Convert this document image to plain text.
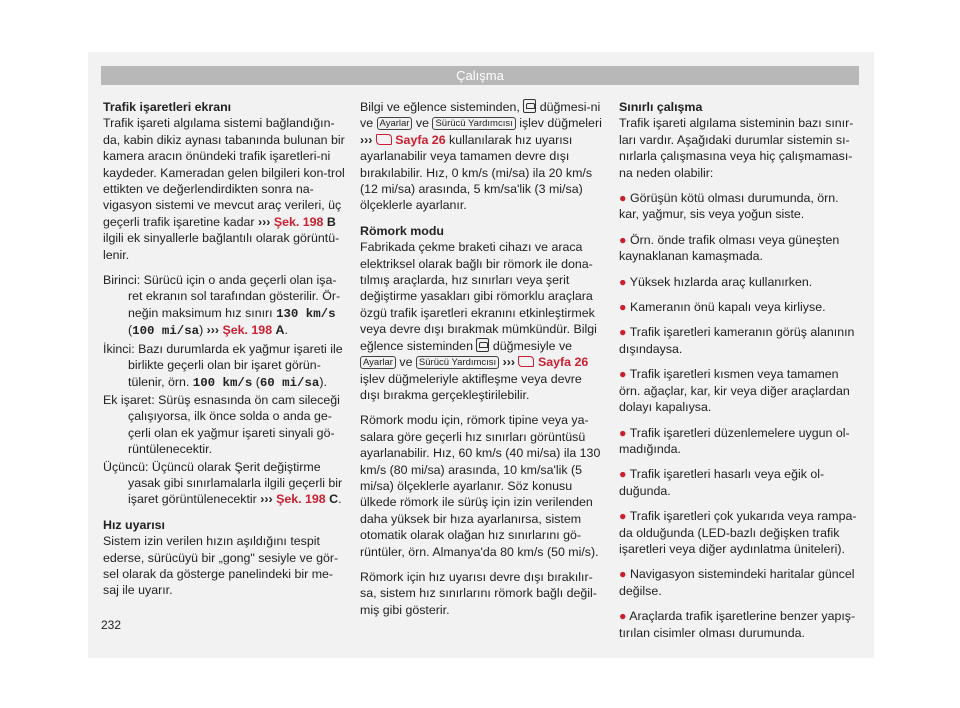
Çalışma
Trafik işaretleri ekranı

Trafik işareti algılama sistemi bağlandığın-da, kabin dikiz aynası tabanında bulunan bir kamera aracın önündeki trafik işaretleri-ni kaydeder. Kameradan gelen bilgileri kon-trol ettikten ve değerlendirdikten sonra na-vigasyon sistemi ve mevcut araç verileri, üç geçerli trafik işaretine kadar ››› Şek. 198 B ilgili ek sinyallerle bağlantılı olarak görüntü-lenir.

Birinci: Sürücü için o anda geçerli olan işa-ret ekranın sol tarafından gösterilir. Ör-neğin maksimum hız sınırı 130 km/s (100 mi/sa) ››› Şek. 198 A.
İkinci: Bazı durumlarda ek yağmur işareti ile birlikte geçerli olan bir işaret görün-tülenir, örn. 100 km/s (60 mi/sa).
Ek işaret: Sürüş esnasında ön cam sileceği çalışıyorsa, ilk önce solda o anda ge-çerli olan ek yağmur işareti sinyali gö-rüntülenecektir.
Üçüncü: Üçüncü olarak Şerit değiştirme yasak gibi sınırlamalarla ilgili geçerli bir işaret görüntülenecektir ››› Şek. 198 C.
Hız uyarısı

Sistem izin verilen hızın aşıldığını tespit ederse, sürücüyü bir „gong" sesiyle ve gör-sel olarak da gösterge panelindeki bir me-saj ile uyarır.

Bilgi ve eğlence sisteminden, düğmesi-ni ve Ayarlar ve Sürücü Yardımcısı işlev düğmeleri ››› Sayfa 26 kullanılarak hız uyarısı ayarlanabilir veya tamamen devre dışı bırakılabilir. Hız, 0 km/s (mi/sa) ila 20 km/s (12 mi/sa) arasında, 5 km/sa'lik (3 mi/sa) ölçeklerle ayarlanır.

Römork modu

Fabrikada çekme braketi cihazı ve araca elektriksel olarak bağlı bir römork ile dona-tılmış araçlarda, hız sınırları veya şerit değiştirme yasakları gibi römorklu araçlara özgü trafik işaretleri ekranını etkinleştirmek veya devre dışı bırakmak mümkündür. Bilgi eğlence sisteminden düğmesiyle ve Ayarlar ve Sürücü Yardımcısı ››› Sayfa 26 işlev düğmeleriyle aktifleşme veya devre dışı bırakma gerçekleştirilebilir.

Römork modu için, römork tipine veya ya-salara göre geçerli hız sınırları görüntüsü ayarlanabilir. Hız, 60 km/s (40 mi/sa) ila 130 km/s (80 mi/sa) arasında, 10 km/sa'lik (5 mi/sa) ölçeklerle ayarlanır. Söz konusu ülkede römork ile sürüş için izin verilenden daha yüksek bir hıza ayarlanırsa, sistem otomatik olarak olağan hız sınırlarını gö-rüntüler, örn. Almanya'da 80 km/s (50 mi/s).

Römork için hız uyarısı devre dışı bırakılır-sa, sistem hız sınırlarını römork bağlı değil-miş gibi gösterir.

Sınırlı çalışma

Trafik işareti algılama sisteminin bazı sınır-ları vardır. Aşağıdaki durumlar sistemin sı-nırlarla çalışmasına veya hiç çalışmaması-na neden olabilir:

● Görüşün kötü olması durumunda, örn. kar, yağmur, sis veya yoğun siste.

● Örn. önde trafik olması veya güneşten kaynaklanan kamaşmada.

● Yüksek hızlarda araç kullanırken.

● Kameranın önü kapalı veya kirliyse.

● Trafik işaretleri kameranın görüş alanının dışındaysa.

● Trafik işaretleri kısmen veya tamamen örn. ağaçlar, kar, kir veya diğer araçlardan dolayı kapalıysa.

● Trafik işaretleri düzenlemelere uygun ol-madığında.

● Trafik işaretleri hasarlı veya eğik ol-duğunda.

● Trafik işaretleri çok yukarıda veya rampa-da olduğunda (LED-bazlı değişken trafik işaretleri veya diğer aydınlatma üniteleri).

● Navigasyon sistemindeki haritalar güncel değilse.

● Araçlarda trafik işaretlerine benzer yapış-tırılan cisimler olması durumunda.

232
